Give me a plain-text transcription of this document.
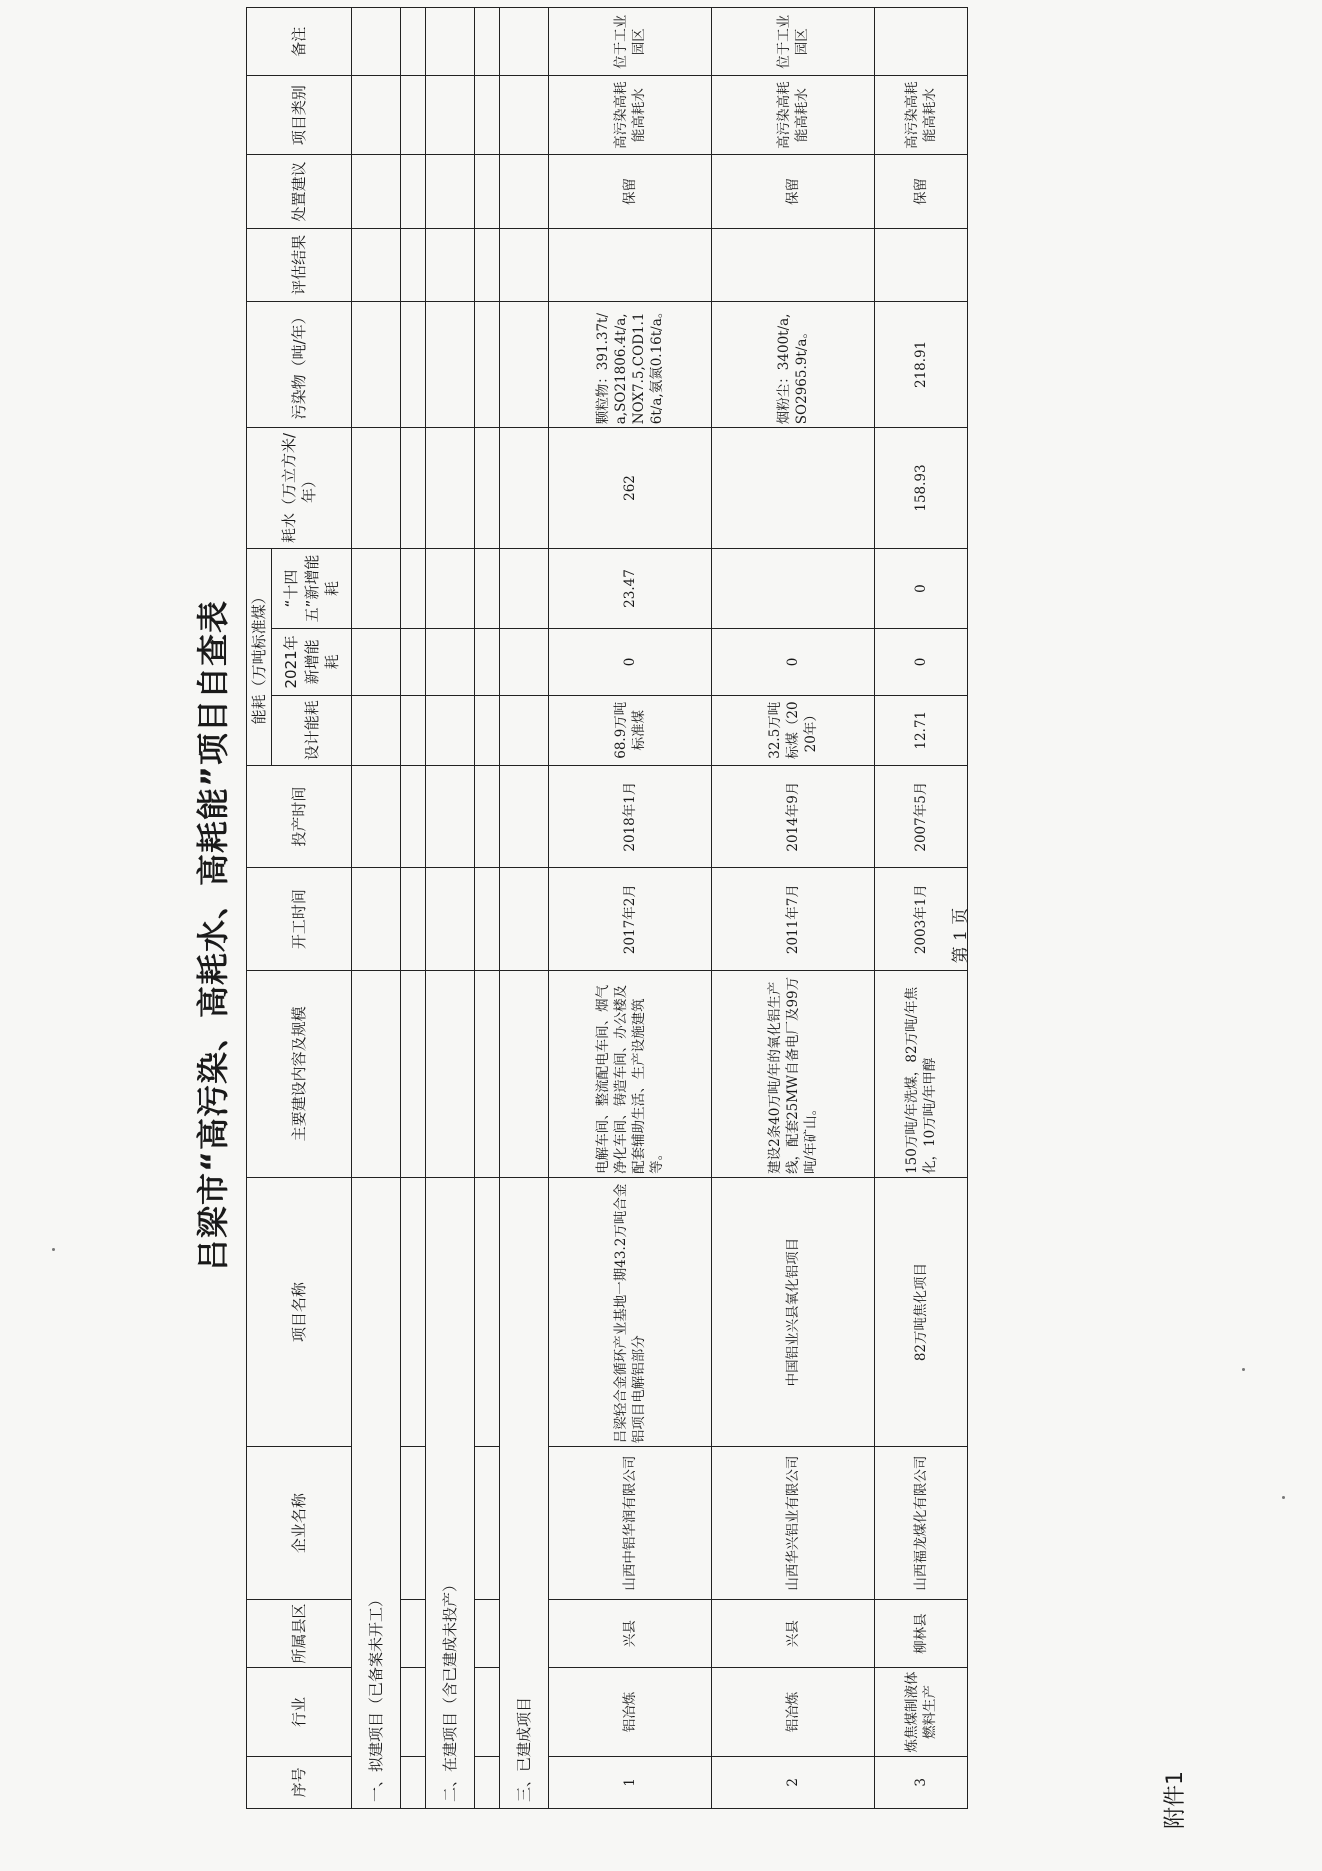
附件1
吕梁市“高污染、高耗水、高耗能”项目自查表
序号	行业	所属县区	企业名称	项目名称	主要建设内容及规模	开工时间	投产时间	能耗（万吨标准煤）			耗水（万立方米/年）	污染物（吨/年）	评估结果	处置建议	项目类别	备注
								设计能耗	2021年新增能耗	“十四五”新增能耗						
一、拟建项目（已备案未开工）																

二、在建项目（含已建成未投产）																

三、已建成项目																
1	铝冶炼	兴县	山西中铝华润有限公司	吕梁轻合金循环产业基地一期43.2万吨合金铝项目电解铝部分	电解车间、整流配电车间、烟气净化车间、铸造车间、办公楼及配套辅助生活、生产设施建筑等。	2017年2月	2018年1月	68.9万吨标准煤	0	23.47	262	颗粒物：391.37t/a,SO21806.4t/a,NOX7.5,COD1.16t/a,氨氮0.16t/a。		保留	高污染高耗能高耗水	位于工业园区
2	铝冶炼	兴县	山西华兴铝业有限公司	中国铝业兴县氧化铝项目	建设2条40万吨/年的氧化铝生产线，配套25MW自备电厂及99万吨/年矿山。	2011年7月	2014年9月	32.5万吨标煤（2020年）	0			烟粉尘：3400t/a,SO2965.9t/a。		保留	高污染高耗能高耗水	位于工业园区
3	炼焦煤制液体燃料生产	柳林县	山西福龙煤化有限公司	82万吨焦化项目	150万吨/年洗煤，82万吨/年焦化，10万吨/年甲醇	2003年1月	2007年5月	12.71	0	0	158.93	218.91		保留	高污染高耗能高耗水	
第 1 页
